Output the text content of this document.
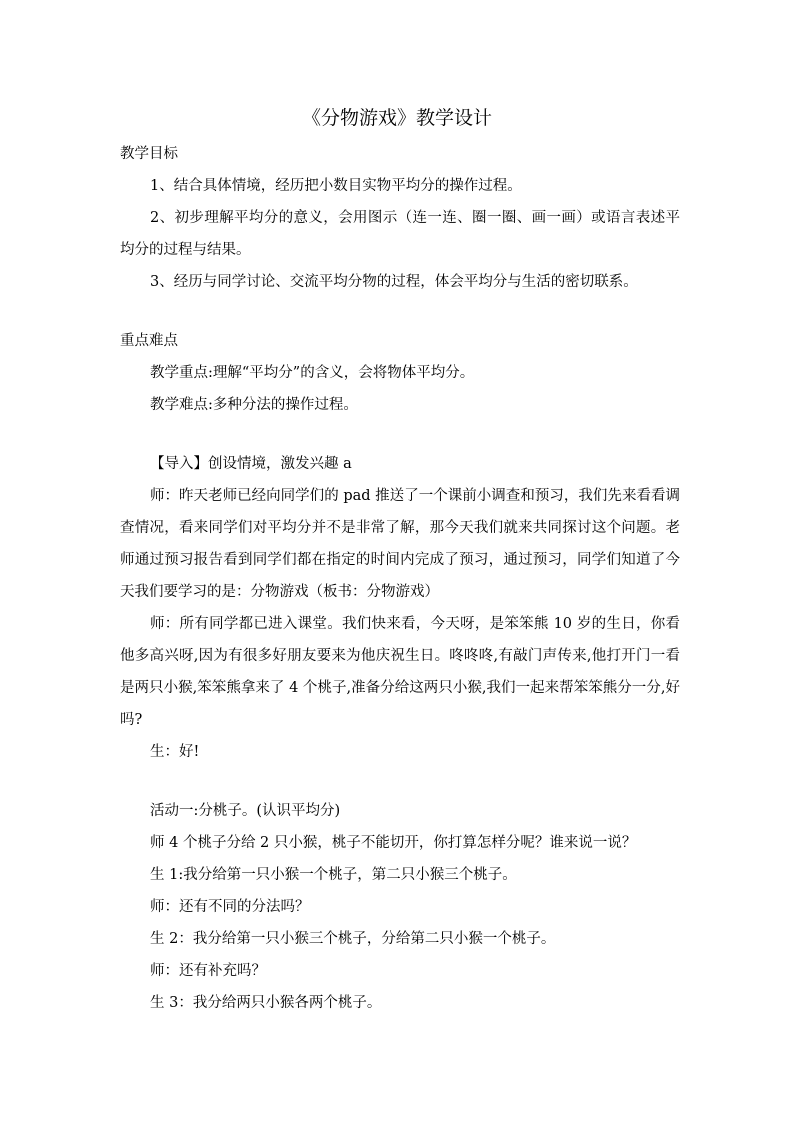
《分物游戏》教学设计
教学目标
1、结合具体情境，经历把小数目实物平均分的操作过程。
2、初步理解平均分的意义，会用图示（连一连、圈一圈、画一画）或语言表述平均分的过程与结果。
3、经历与同学讨论、交流平均分物的过程，体会平均分与生活的密切联系。
重点难点
教学重点:理解“平均分”的含义，会将物体平均分。
教学难点:多种分法的操作过程。
【导入】创设情境，激发兴趣 a
师：昨天老师已经向同学们的 pad 推送了一个课前小调查和预习，我们先来看看调查情况，看来同学们对平均分并不是非常了解，那今天我们就来共同探讨这个问题。老师通过预习报告看到同学们都在指定的时间内完成了预习，通过预习，同学们知道了今天我们要学习的是：分物游戏（板书：分物游戏）
师：所有同学都已进入课堂。我们快来看，今天呀，是笨笨熊 10 岁的生日，你看他多高兴呀,因为有很多好朋友要来为他庆祝生日。咚咚咚,有敲门声传来,他打开门一看是两只小猴,笨笨熊拿来了 4 个桃子,准备分给这两只小猴,我们一起来帮笨笨熊分一分,好吗?
生：好!
活动一:分桃子。(认识平均分)
师 4 个桃子分给 2 只小猴，桃子不能切开，你打算怎样分呢？谁来说一说？
生 1:我分给第一只小猴一个桃子，第二只小猴三个桃子。
师：还有不同的分法吗？
生 2：我分给第一只小猴三个桃子，分给第二只小猴一个桃子。
师：还有补充吗？
生 3：我分给两只小猴各两个桃子。
